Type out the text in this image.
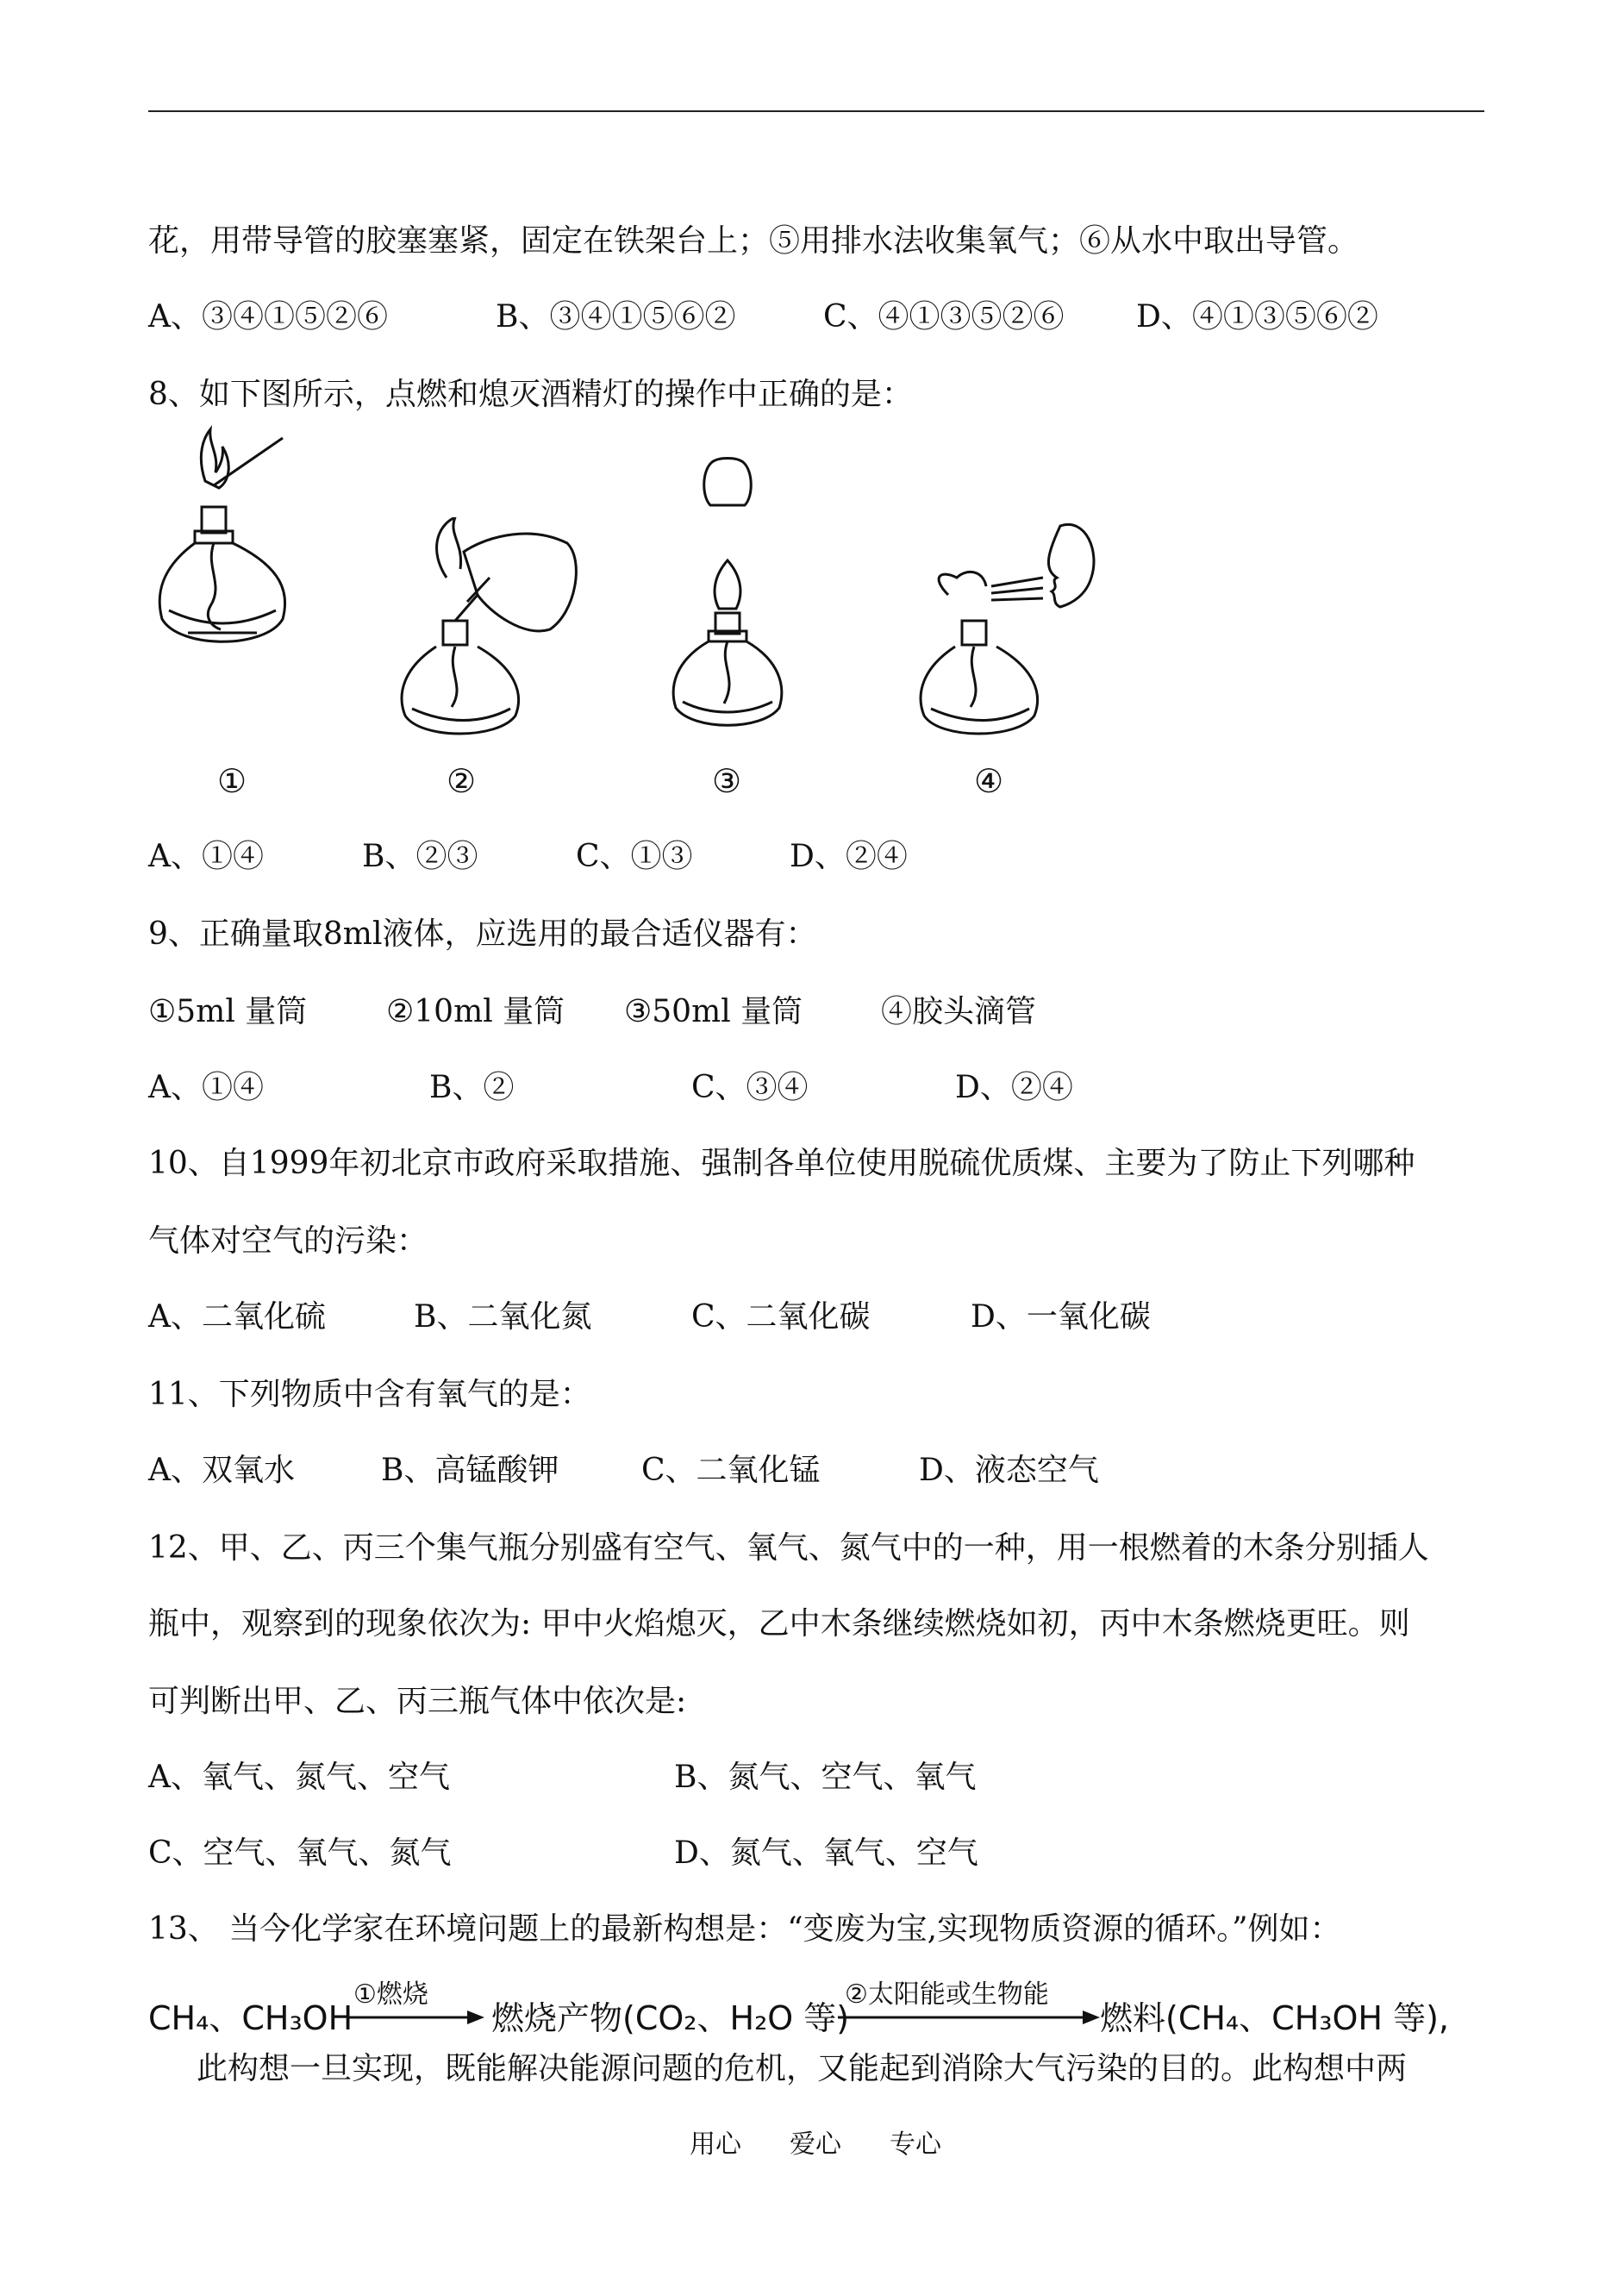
花，用带导管的胶塞塞紧，固定在铁架台上；⑤用排水法收集氧气；⑥从水中取出导管。
A、③④①⑤②⑥	B、③④①⑤⑥②	C、④①③⑤②⑥ D、④①③⑤⑥②
8、如下图所示，点燃和熄灭酒精灯的操作中正确的是：
①	②	③	④
A、①④	B、②③	C、①③	D、②④
9、正确量取8ml液体，应选用的最合适仪器有：
①5ml 量筒	②10ml 量筒 ③50ml 量筒	④胶头滴管
A、①④	B、②	C、③④	D、②④
10、自1999年初北京市政府采取措施、强制各单位使用脱硫优质煤、主要为了防止下列哪种
气体对空气的污染：
A、二氧化硫	B、二氧化氮	C、二氧化碳	D、一氧化碳
11、下列物质中含有氧气的是：
A、双氧水	B、高锰酸钾	C、二氧化锰	D、液态空气
12、甲、乙、丙三个集气瓶分别盛有空气、氧气、氮气中的一种，用一根燃着的木条分别插人
瓶中，观察到的现象依次为: 甲中火焰熄灭，乙中木条继续燃烧如初，丙中木条燃烧更旺。则
可判断出甲、乙、丙三瓶气体中依次是:
A、氧气、氮气、空气	B、氮气、空气、氧气
C、空气、氧气、氮气	D、氮气、氧气、空气
13、 当今化学家在环境问题上的最新构想是：“变废为宝,实现物质资源的循环。”例如：
CH₄、CH₃OH
①燃烧
燃烧产物(CO₂、H₂O 等)
②太阳能或生物能
燃料(CH₄、CH₃OH 等),
此构想一旦实现，既能解决能源问题的危机，又能起到消除大气污染的目的。此构想中两
用心 爱心 专心
